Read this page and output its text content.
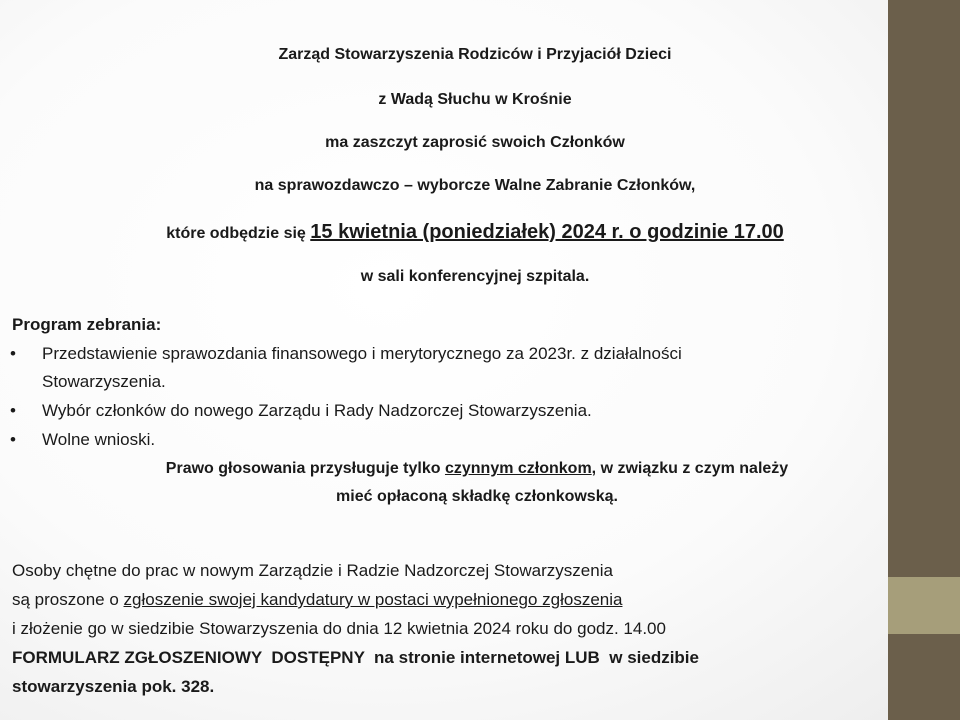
Zarząd Stowarzyszenia Rodziców i Przyjaciół Dzieci
z Wadą Słuchu w Krośnie
ma zaszczyt zaprosić swoich Członków
na sprawozdawczo – wyborcze Walne Zabranie Członków,
które odbędzie się 15 kwietnia (poniedziałek) 2024 r. o godzinie 17.00
w sali konferencyjnej szpitala.
Program zebrania:
• Przedstawienie sprawozdania finansowego i merytorycznego za 2023r. z działalności
Stowarzyszenia.
• Wybór członków do nowego Zarządu i Rady Nadzorczej Stowarzyszenia.
• Wolne wnioski.
Prawo głosowania przysługuje tylko czynnym członkom, w związku z czym należy
mieć opłaconą składkę członkowską.
Osoby chętne do prac w nowym Zarządzie i Radzie Nadzorczej Stowarzyszenia
są proszone o zgłoszenie swojej kandydatury w postaci wypełnionego zgłoszenia
i złożenie go w siedzibie Stowarzyszenia do dnia 12 kwietnia 2024 roku do godz. 14.00
FORMULARZ ZGŁOSZENIOWY  DOSTĘPNY  na stronie internetowej LUB  w siedzibie
stowarzyszenia pok. 328.
